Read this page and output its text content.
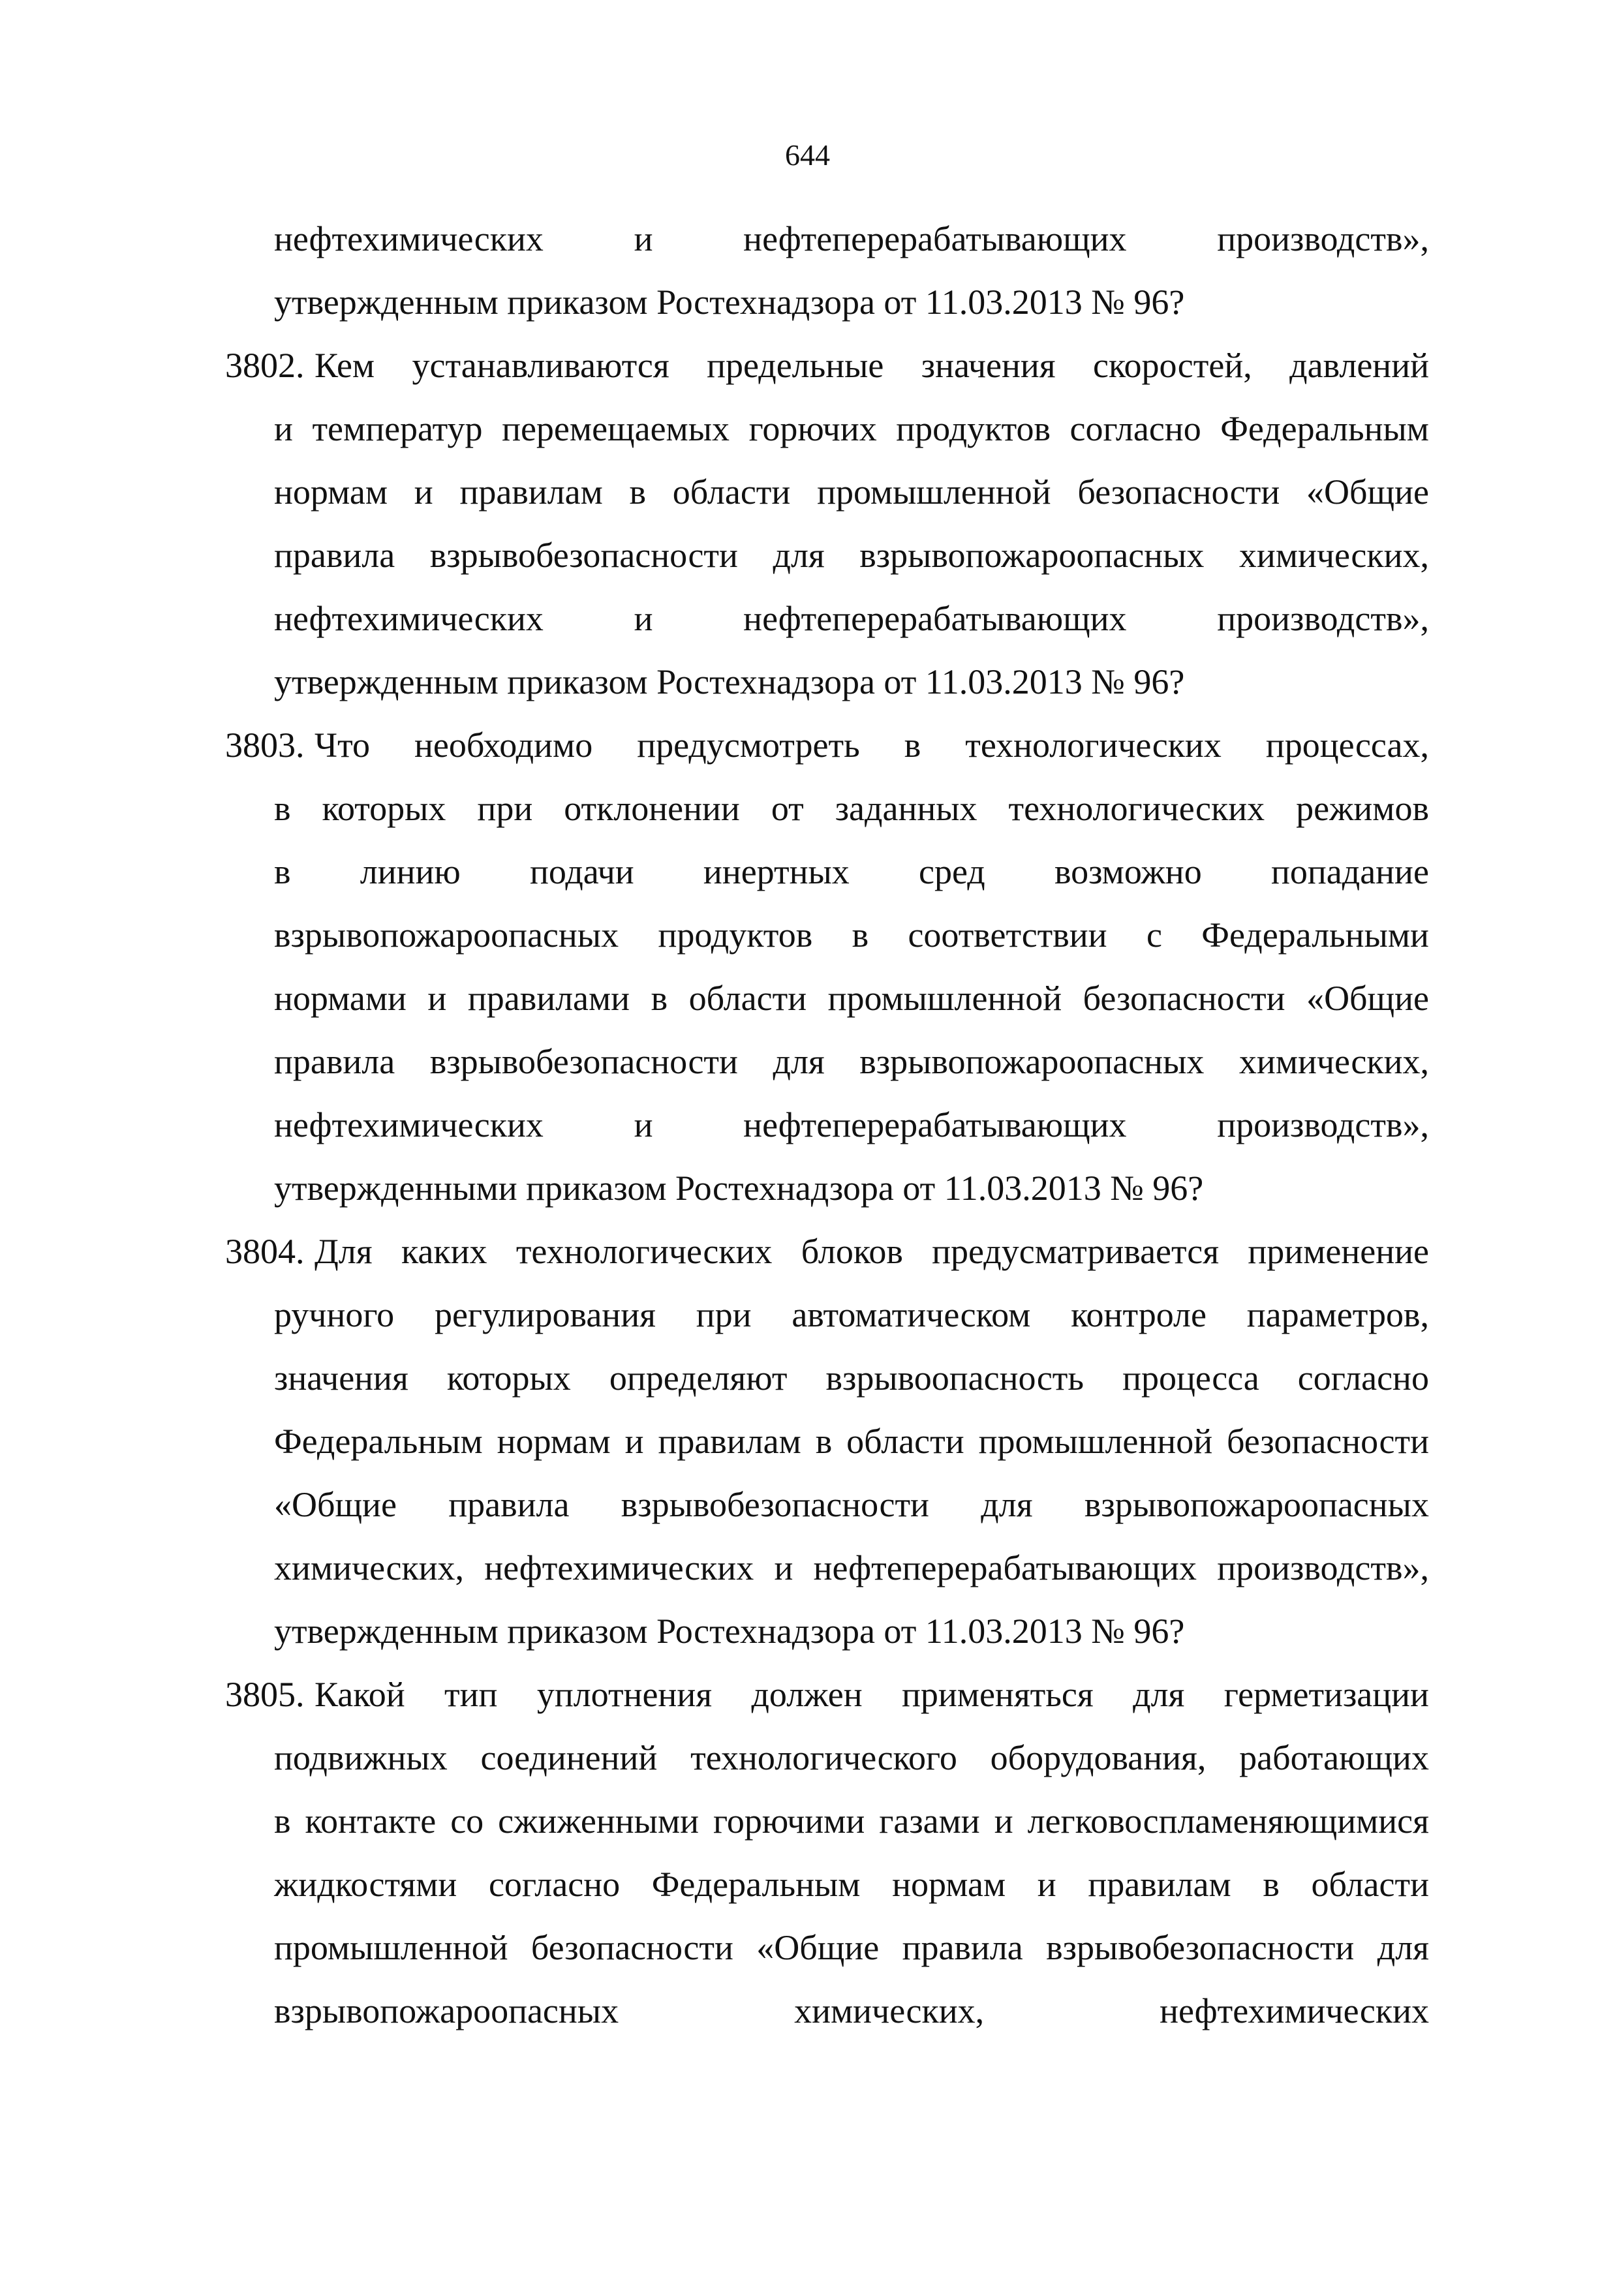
644
нефтехимических	и	нефтеперерабатывающих	производств»,
утвержденным приказом Ростехнадзора от 11.03.2013 № 96?
3802. Кем устанавливаются предельные значения скоростей, давлений
и температур перемещаемых горючих продуктов согласно Федеральным
нормам и правилам в области промышленной безопасности «Общие
правила взрывобезопасности для взрывопожароопасных химических,
нефтехимических	и	нефтеперерабатывающих	производств»,
утвержденным приказом Ростехнадзора от 11.03.2013 № 96?
3803. Что необходимо предусмотреть в технологических процессах,
в которых при отклонении от заданных технологических режимов
в линию подачи инертных сред возможно попадание
взрывопожароопасных продуктов в соответствии с Федеральными
нормами и правилами в области промышленной безопасности «Общие
правила взрывобезопасности для взрывопожароопасных химических,
нефтехимических	и	нефтеперерабатывающих	производств»,
утвержденными приказом Ростехнадзора от 11.03.2013 № 96?
3804. Для каких технологических блоков предусматривается применение
ручного регулирования при автоматическом контроле параметров,
значения которых определяют взрывоопасность процесса согласно
Федеральным нормам и правилам в области промышленной безопасности
«Общие правила взрывобезопасности для взрывопожароопасных
химических, нефтехимических и нефтеперерабатывающих производств»,
утвержденным приказом Ростехнадзора от 11.03.2013 № 96?
3805. Какой тип уплотнения должен применяться для герметизации
подвижных соединений технологического оборудования, работающих
в контакте со сжиженными горючими газами и легковоспламеняющимися
жидкостями согласно Федеральным нормам и правилам в области
промышленной безопасности «Общие правила взрывобезопасности для
взрывопожароопасных	химических,	нефтехимических
